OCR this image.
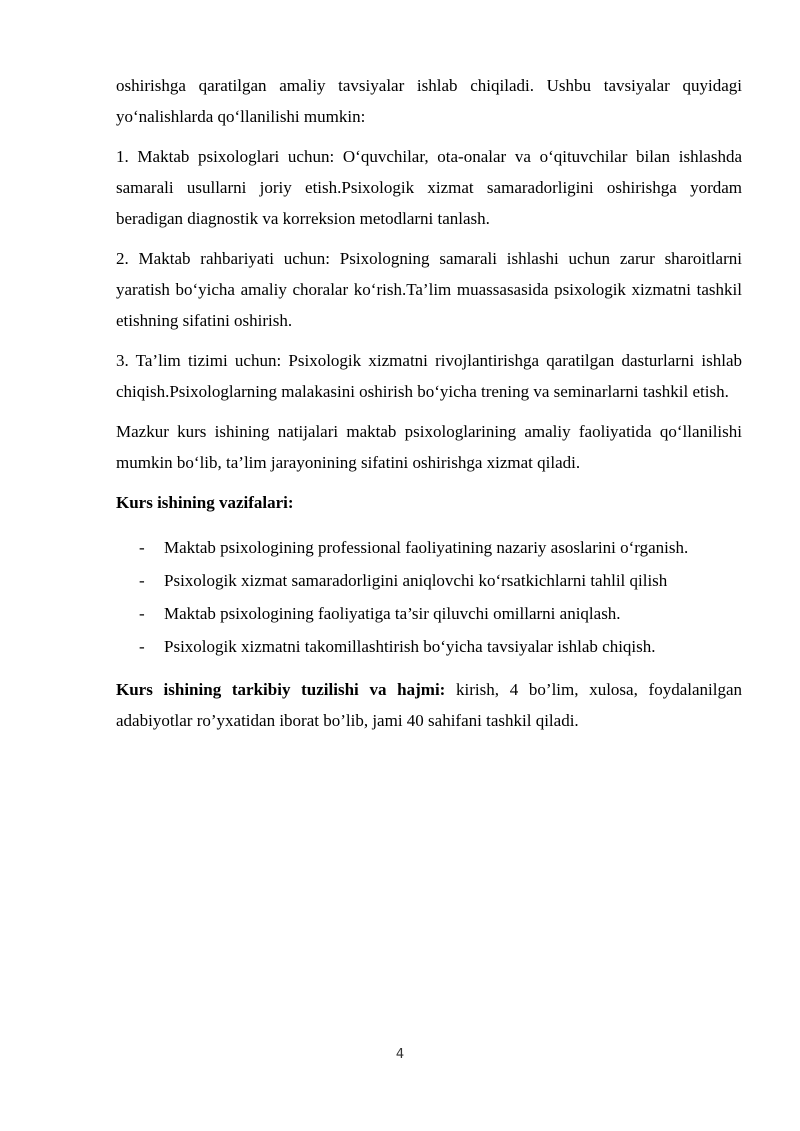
oshirishga qaratilgan amaliy tavsiyalar ishlab chiqiladi. Ushbu tavsiyalar quyidagi yo‘nalishlarda qo‘llanilishi mumkin:

1. Maktab psixologlari uchun: O‘quvchilar, ota-onalar va o‘qituvchilar bilan ishlashda samarali usullarni joriy etish.Psixologik xizmat samaradorligini oshirishga yordam beradigan diagnostik va korreksion metodlarni tanlash.

2. Maktab rahbariyati uchun: Psixologning samarali ishlashi uchun zarur sharoitlarni yaratish bo‘yicha amaliy choralar ko‘rish.Ta’lim muassasasida psixologik xizmatni tashkil etishning sifatini oshirish.

3. Ta’lim tizimi uchun: Psixologik xizmatni rivojlantirishga qaratilgan dasturlarni ishlab chiqish.Psixologlarning malakasini oshirish bo‘yicha trening va seminarlarni tashkil etish.

Mazkur kurs ishining natijalari maktab psixologlarining amaliy faoliyatida qo‘llanilishi mumkin bo‘lib, ta’lim jarayonining sifatini oshirishga xizmat qiladi.

Kurs ishining vazifalari:

- Maktab psixologining professional faoliyatining nazariy asoslarini o‘rganish.
- Psixologik xizmat samaradorligini aniqlovchi ko‘rsatkichlarni tahlil qilish
- Maktab psixologining faoliyatiga ta’sir qiluvchi omillarni aniqlash.
- Psixologik xizmatni takomillashtirish bo‘yicha tavsiyalar ishlab chiqish.

Kurs ishining tarkibiy tuzilishi va hajmi: kirish, 4 bo’lim, xulosa, foydalanilgan adabiyotlar ro’yxatidan iborat bo’lib, jami 40 sahifani tashkil qiladi.

4
